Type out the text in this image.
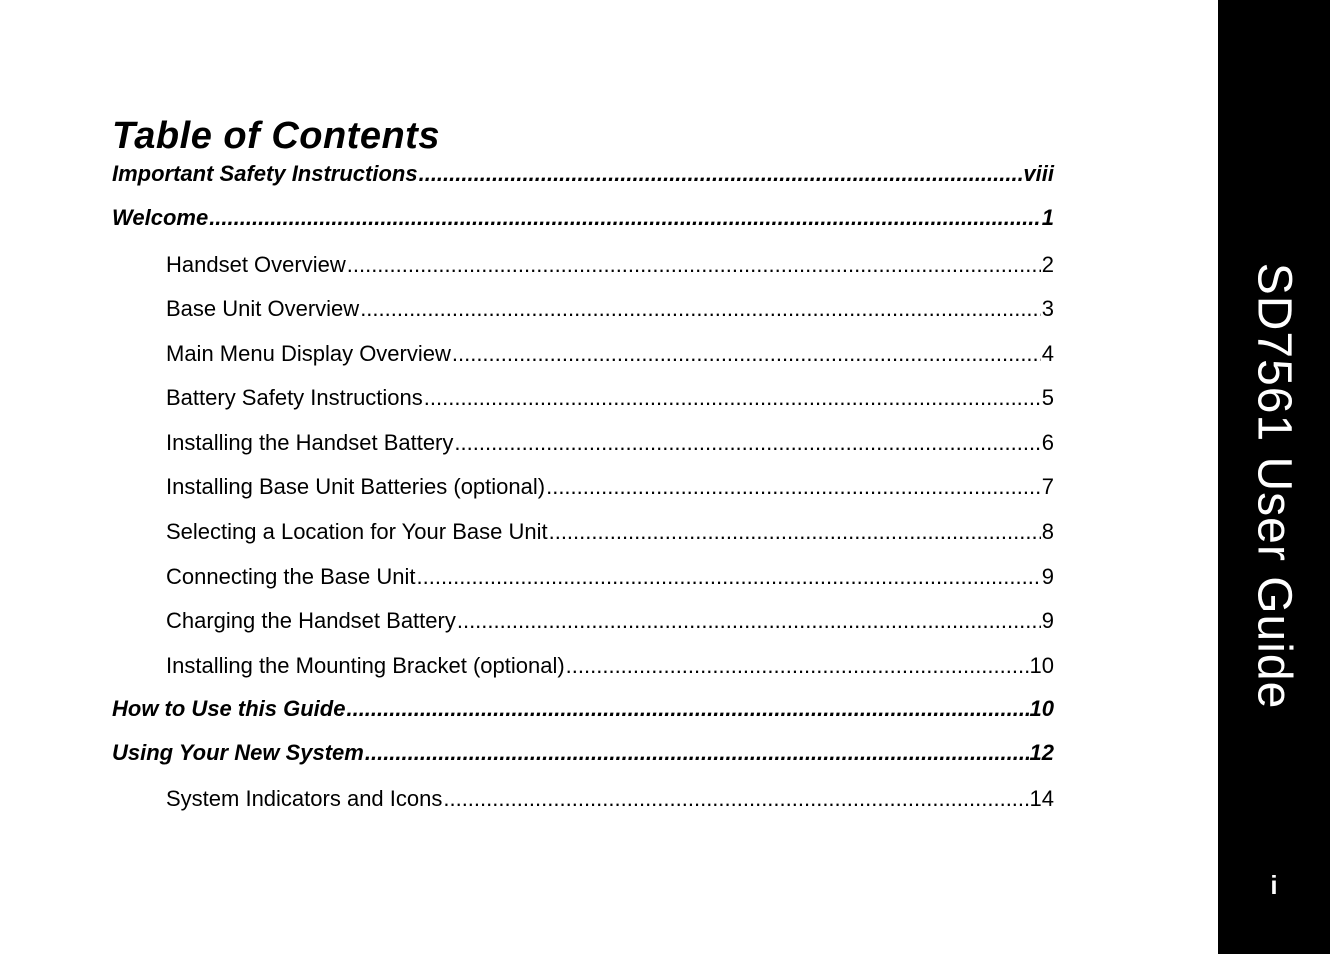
Table of Contents
Important Safety Instructions .....	viii
Welcome .....	1
Handset Overview .....	2
Base Unit Overview .....	3
Main Menu Display Overview .....	4
Battery Safety Instructions .....	5
Installing the Handset Battery .....	6
Installing Base Unit Batteries (optional) .....	7
Selecting a Location for Your Base Unit .....	8
Connecting the Base Unit .....	9
Charging the Handset Battery .....	9
Installing the Mounting Bracket (optional) .....	10
How to Use this Guide .....	10
Using Your New System .....	12
System Indicators and Icons .....	14
SD7561 User Guide
i
